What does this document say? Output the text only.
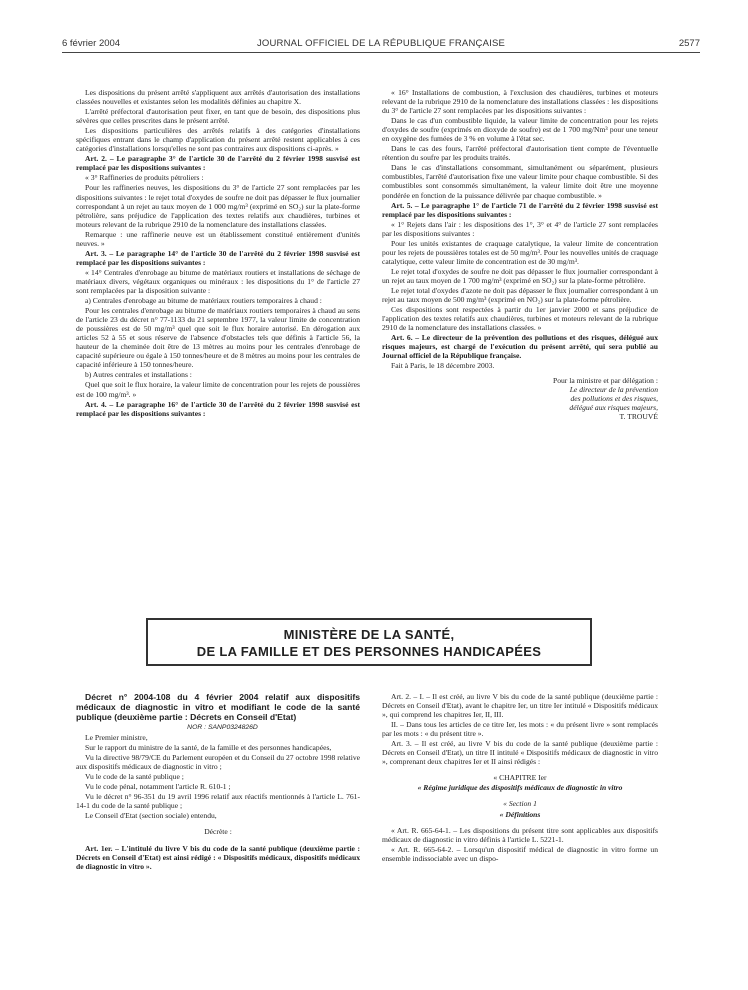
6 février 2004	JOURNAL OFFICIEL DE LA RÉPUBLIQUE FRANÇAISE	2577

Les dispositions du présent arrêté s'appliquent aux arrêtés d'autorisation des installations classées nouvelles et existantes selon les modalités définies au chapitre X.

L'arrêté préfectoral d'autorisation peut fixer, en tant que de besoin, des dispositions plus sévères que celles prescrites dans le présent arrêté.

Les dispositions particulières des arrêtés relatifs à des catégories d'installations spécifiques entrant dans le champ d'application du présent arrêté restent applicables à ces catégories d'installations lorsqu'elles ne sont pas contraires aux dispositions ci-après. »

Art. 2. – Le paragraphe 3° de l'article 30 de l'arrêté du 2 février 1998 susvisé est remplacé par les dispositions suivantes :

« 3° Raffineries de produits pétroliers :

Pour les raffineries neuves, les dispositions du 3° de l'article 27 sont remplacées par les dispositions suivantes : le rejet total d'oxydes de soufre ne doit pas dépasser le flux journalier correspondant à un rejet au taux moyen de 1 000 mg/m³ (exprimé en SO₂) sur la plate-forme pétrolière, sans préjudice de l'application des textes relatifs aux chaudières, turbines et moteurs relevant de la rubrique 2910 de la nomenclature des installations classées.

Remarque : une raffinerie neuve est un établissement constitué entièrement d'unités neuves. »

Art. 3. – Le paragraphe 14° de l'article 30 de l'arrêté du 2 février 1998 susvisé est remplacé par les dispositions suivantes :

« 14° Centrales d'enrobage au bitume de matériaux routiers et installations de séchage de matériaux divers, végétaux organiques ou minéraux : les dispositions du 1° de l'article 27 sont remplacées par la disposition suivante :

a) Centrales d'enrobage au bitume de matériaux routiers temporaires à chaud :

Pour les centrales d'enrobage au bitume de matériaux routiers temporaires à chaud au sens de l'article 23 du décret n° 77-1133 du 21 septembre 1977, la valeur limite de concentration de poussières est de 50 mg/m³ quel que soit le flux horaire autorisé. En dérogation aux articles 52 à 55 et sous réserve de l'absence d'obstacles tels que définis à l'article 56, la hauteur de la cheminée doit être de 13 mètres au moins pour les centrales d'enrobage de capacité supérieure ou égale à 150 tonnes/heure et de 8 mètres au moins pour les centrales de capacité inférieure à 150 tonnes/heure.

b) Autres centrales et installations :

Quel que soit le flux horaire, la valeur limite de concentration pour les rejets de poussières est de 100 mg/m³. »

Art. 4. – Le paragraphe 16° de l'article 30 de l'arrêté du 2 février 1998 susvisé est remplacé par les dispositions suivantes :

« 16° Installations de combustion, à l'exclusion des chaudières, turbines et moteurs relevant de la rubrique 2910 de la nomenclature des installations classées : les dispositions du 3° de l'article 27 sont remplacées par les dispositions suivantes :

Dans le cas d'un combustible liquide, la valeur limite de concentration pour les rejets d'oxydes de soufre (exprimés en dioxyde de soufre) est de 1 700 mg/Nm³ pour une teneur en oxygène des fumées de 3 % en volume à l'état sec.

Dans le cas des fours, l'arrêté préfectoral d'autorisation tient compte de l'éventuelle rétention du soufre par les produits traités.

Dans le cas d'installations consommant, simultanément ou séparément, plusieurs combustibles, l'arrêté d'autorisation fixe une valeur limite pour chaque combustible. Si des combustibles sont consommés simultanément, la valeur limite doit être une moyenne pondérée en fonction de la puissance délivrée par chaque combustible. »

Art. 5. – Le paragraphe 1° de l'article 71 de l'arrêté du 2 février 1998 susvisé est remplacé par les dispositions suivantes :

« 1° Rejets dans l'air : les dispositions des 1°, 3° et 4° de l'article 27 sont remplacées par les dispositions suivantes :

Pour les unités existantes de craquage catalytique, la valeur limite de concentration pour les rejets de poussières totales est de 50 mg/m³. Pour les nouvelles unités de craquage catalytique, cette valeur limite de concentration est de 30 mg/m³.

Le rejet total d'oxydes de soufre ne doit pas dépasser le flux journalier correspondant à un rejet au taux moyen de 1 700 mg/m³ (exprimé en SO₂) sur la plate-forme pétrolière.

Le rejet total d'oxydes d'azote ne doit pas dépasser le flux journalier correspondant à un rejet au taux moyen de 500 mg/m³ (exprimé en NO₂) sur la plate-forme pétrolière.

Ces dispositions sont respectées à partir du 1er janvier 2000 et sans préjudice de l'application des textes relatifs aux chaudières, turbines et moteurs relevant de la rubrique 2910 de la nomenclature des installations classées. »

Art. 6. – Le directeur de la prévention des pollutions et des risques, délégué aux risques majeurs, est chargé de l'exécution du présent arrêté, qui sera publié au Journal officiel de la République française.

Fait à Paris, le 18 décembre 2003.

Pour la ministre et par délégation :
Le directeur de la prévention
des pollutions et des risques,
délégué aux risques majeurs,
T. TROUVÉ
MINISTÈRE DE LA SANTÉ,
DE LA FAMILLE ET DES PERSONNES HANDICAPÉES

Décret n° 2004-108 du 4 février 2004 relatif aux dispositifs médicaux de diagnostic in vitro et modifiant le code de la santé publique (deuxième partie : Décrets en Conseil d'Etat)

NOR : SANP0324826D

Le Premier ministre,

Sur le rapport du ministre de la santé, de la famille et des personnes handicapées,

Vu la directive 98/79/CE du Parlement européen et du Conseil du 27 octobre 1998 relative aux dispositifs médicaux de diagnostic in vitro ;

Vu le code de la santé publique ;

Vu le code pénal, notamment l'article R. 610-1 ;

Vu le décret n° 96-351 du 19 avril 1996 relatif aux réactifs mentionnés à l'article L. 761-14-1 du code de la santé publique ;

Le Conseil d'Etat (section sociale) entendu,

Décrète :

Art. 1er. – L'intitulé du livre V bis du code de la santé publique (deuxième partie : Décrets en Conseil d'Etat) est ainsi rédigé : « Dispositifs médicaux, dispositifs médicaux de diagnostic in vitro ».

Art. 2. – I. – Il est créé, au livre V bis du code de la santé publique (deuxième partie : Décrets en Conseil d'Etat), avant le chapitre Ier, un titre Ier intitulé « Dispositifs médicaux », qui comprend les chapitres Ier, II, III.

II. – Dans tous les articles de ce titre Ier, les mots : « du présent livre » sont remplacés par les mots : « du présent titre ».

Art. 3. – Il est créé, au livre V bis du code de la santé publique (deuxième partie : Décrets en Conseil d'Etat), un titre II intitulé « Dispositifs médicaux de diagnostic in vitro », comprenant deux chapitres Ier et II ainsi rédigés :

« CHAPITRE Ier

« Régime juridique des dispositifs médicaux de diagnostic in vitro

« Section 1

« Définitions

« Art. R. 665-64-1. – Les dispositions du présent titre sont applicables aux dispositifs médicaux de diagnostic in vitro définis à l'article L. 5221-1.

« Art. R. 665-64-2. – Lorsqu'un dispositif médical de diagnostic in vitro forme un ensemble indissociable avec un dispo-
